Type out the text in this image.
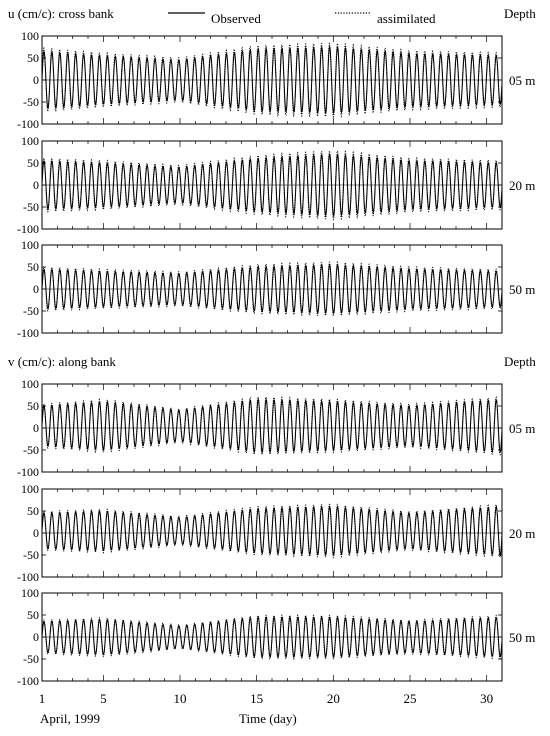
u (cm/c): cross bank	Observed	assimilated	Depth
v (cm/c): along bank	Depth
-100
-50
0
50
100
05 m
-100
-50
0
50
100
20 m
-100
-50
0
50
100
50 m
-100
-50
0
50
100
05 m
-100
-50
0
50
100
20 m
-100
-50
0
50
100
50 m
1	5	10	15	20	25	30
April, 1999	Time (day)
